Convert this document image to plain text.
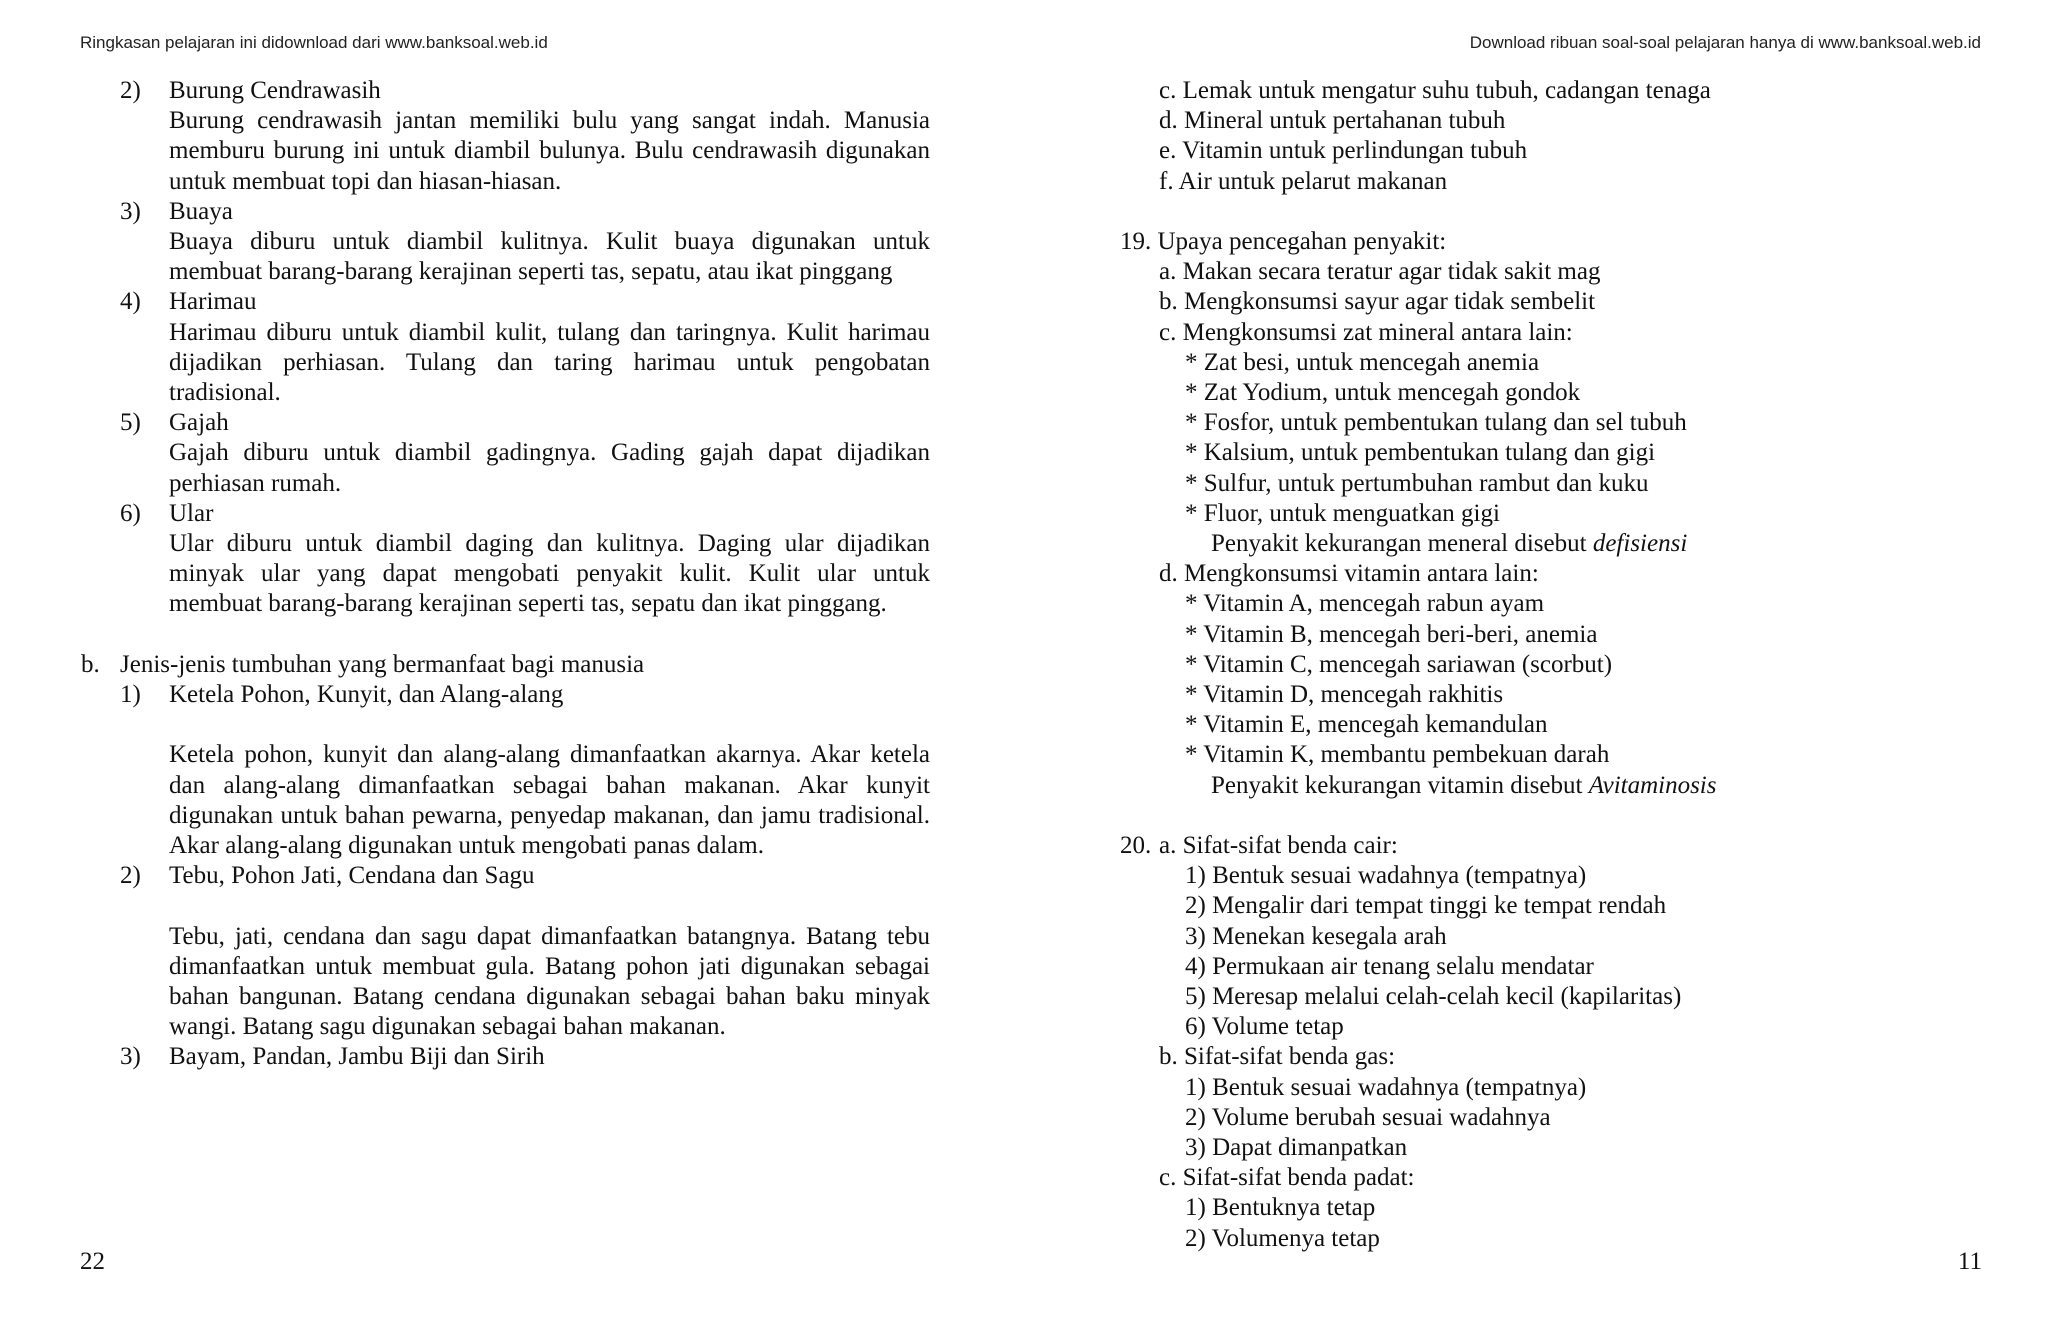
Ringkasan pelajaran ini didownload dari www.banksoal.web.id	Download ribuan soal-soal pelajaran hanya di www.banksoal.web.id
2)	Burung Cendrawasih
Burung cendrawasih jantan memiliki bulu yang sangat indah. Manusia memburu burung ini untuk diambil bulunya. Bulu cendrawasih digunakan untuk membuat topi dan hiasan-hiasan.
3)	Buaya
Buaya diburu untuk diambil kulitnya. Kulit buaya digunakan untuk membuat barang-barang kerajinan seperti tas, sepatu, atau ikat pinggang
4)	Harimau
Harimau diburu untuk diambil kulit, tulang dan taringnya. Kulit harimau dijadikan perhiasan. Tulang dan taring harimau untuk pengobatan tradisional.
5)	Gajah
Gajah diburu untuk diambil gadingnya. Gading gajah dapat dijadikan perhiasan rumah.
6)	Ular
Ular diburu untuk diambil daging dan kulitnya. Daging ular dijadikan minyak ular yang dapat mengobati penyakit kulit. Kulit ular untuk membuat barang-barang kerajinan seperti tas, sepatu dan ikat pinggang.
b. Jenis-jenis tumbuhan yang bermanfaat bagi manusia
1)	Ketela Pohon, Kunyit, dan Alang-alang
Ketela pohon, kunyit dan alang-alang dimanfaatkan akarnya. Akar ketela dan alang-alang dimanfaatkan sebagai bahan makanan. Akar kunyit digunakan untuk bahan pewarna, penyedap makanan, dan jamu tradisional. Akar alang-alang digunakan untuk mengobati panas dalam.
2)	Tebu, Pohon Jati, Cendana dan Sagu
Tebu, jati, cendana dan sagu dapat dimanfaatkan batangnya. Batang tebu dimanfaatkan untuk membuat gula. Batang pohon jati digunakan sebagai bahan bangunan. Batang cendana digunakan sebagai bahan baku minyak wangi. Batang sagu digunakan sebagai bahan makanan.
3)	Bayam, Pandan, Jambu Biji dan Sirih
22
c. Lemak untuk mengatur suhu tubuh, cadangan tenaga
d. Mineral untuk pertahanan tubuh
e. Vitamin untuk perlindungan tubuh
f. Air untuk pelarut makanan
19. Upaya pencegahan penyakit:
a. Makan secara teratur agar tidak sakit mag
b. Mengkonsumsi sayur agar tidak sembelit
c. Mengkonsumsi zat mineral antara lain:
* Zat besi, untuk mencegah anemia
* Zat Yodium, untuk mencegah gondok
* Fosfor, untuk pembentukan tulang dan sel tubuh
* Kalsium, untuk pembentukan tulang dan gigi
* Sulfur, untuk pertumbuhan rambut dan kuku
* Fluor, untuk menguatkan gigi
Penyakit kekurangan meneral disebut defisiensi
d. Mengkonsumsi vitamin antara lain:
* Vitamin A, mencegah rabun ayam
* Vitamin B, mencegah beri-beri, anemia
* Vitamin C, mencegah sariawan (scorbut)
* Vitamin D, mencegah rakhitis
* Vitamin E, mencegah kemandulan
* Vitamin K, membantu pembekuan darah
Penyakit kekurangan vitamin disebut Avitaminosis
20. a. Sifat-sifat benda cair:
1) Bentuk sesuai wadahnya (tempatnya)
2) Mengalir dari tempat tinggi ke tempat rendah
3) Menekan kesegala arah
4) Permukaan air tenang selalu mendatar
5) Meresap melalui celah-celah kecil (kapilaritas)
6) Volume tetap
b. Sifat-sifat benda gas:
1) Bentuk sesuai wadahnya (tempatnya)
2) Volume berubah sesuai wadahnya
3) Dapat dimanpatkan
c. Sifat-sifat benda padat:
1) Bentuknya tetap
2) Volumenya tetap
11
